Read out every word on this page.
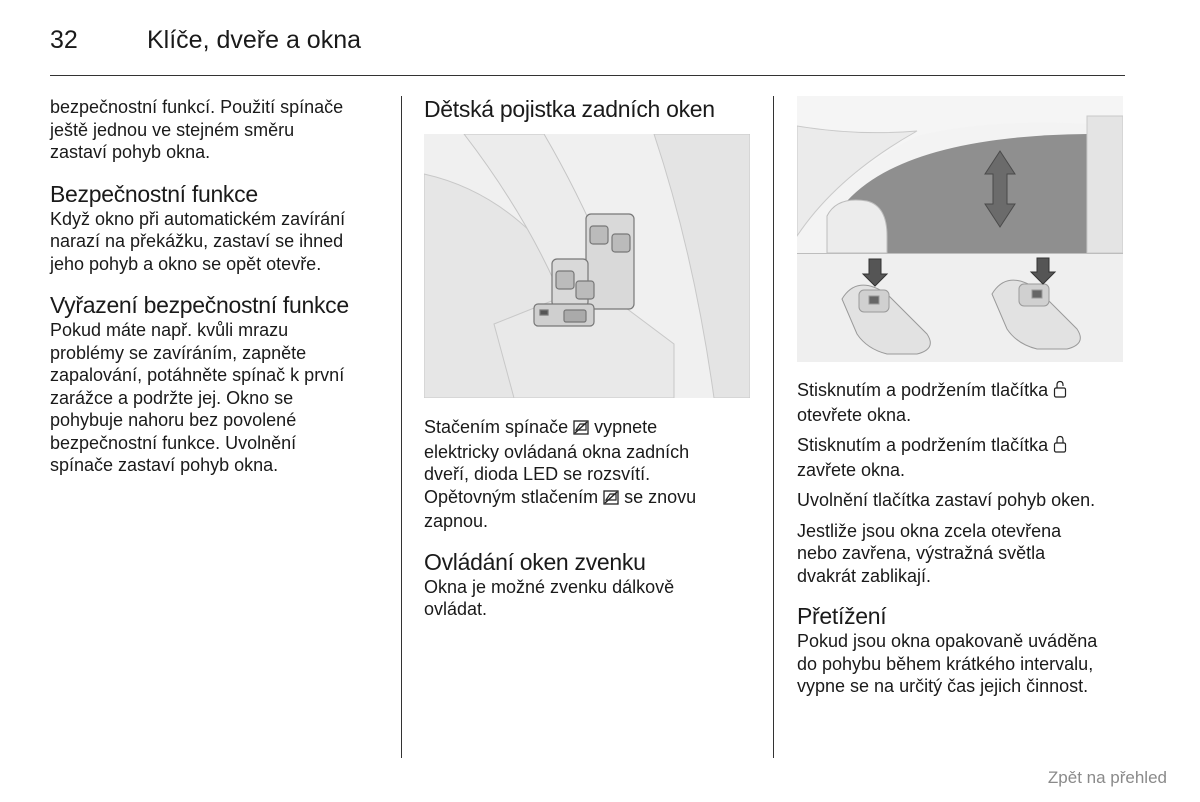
32	Klíče, dveře a okna

bezpečnostní funkcí. Použití spínače

ještě jednou ve stejném směru

zastaví pohyb okna.

Bezpečnostní funkce

Když okno při automatickém zavírání

narazí na překážku, zastaví se ihned

jeho pohyb a okno se opět otevře.

Vyřazení bezpečnostní funkce

Pokud máte např. kvůli mrazu

problémy se zavíráním, zapněte

zapalování, potáhněte spínač k první

zarážce a podržte jej. Okno se

pohybuje nahoru bez povolené

bezpečnostní funkce. Uvolnění

spínače zastaví pohyb okna.

Dětská pojistka zadních oken

Stačením spínače vypnete

elektricky ovládaná okna zadních

dveří, dioda LED se rozsvítí.

Opětovným stlačením se znovu

zapnou.

Ovládání oken zvenku

Okna je možné zvenku dálkově

ovládat.

Stisknutím a podržením tlačítka

otevřete okna.

Stisknutím a podržením tlačítka

zavřete okna.

Uvolnění tlačítka zastaví pohyb oken.

Jestliže jsou okna zcela otevřena

nebo zavřena, výstražná světla

dvakrát zablikají.

Přetížení

Pokud jsou okna opakovaně uváděna

do pohybu během krátkého intervalu,

vypne se na určitý čas jejich činnost.

Zpět na přehled
